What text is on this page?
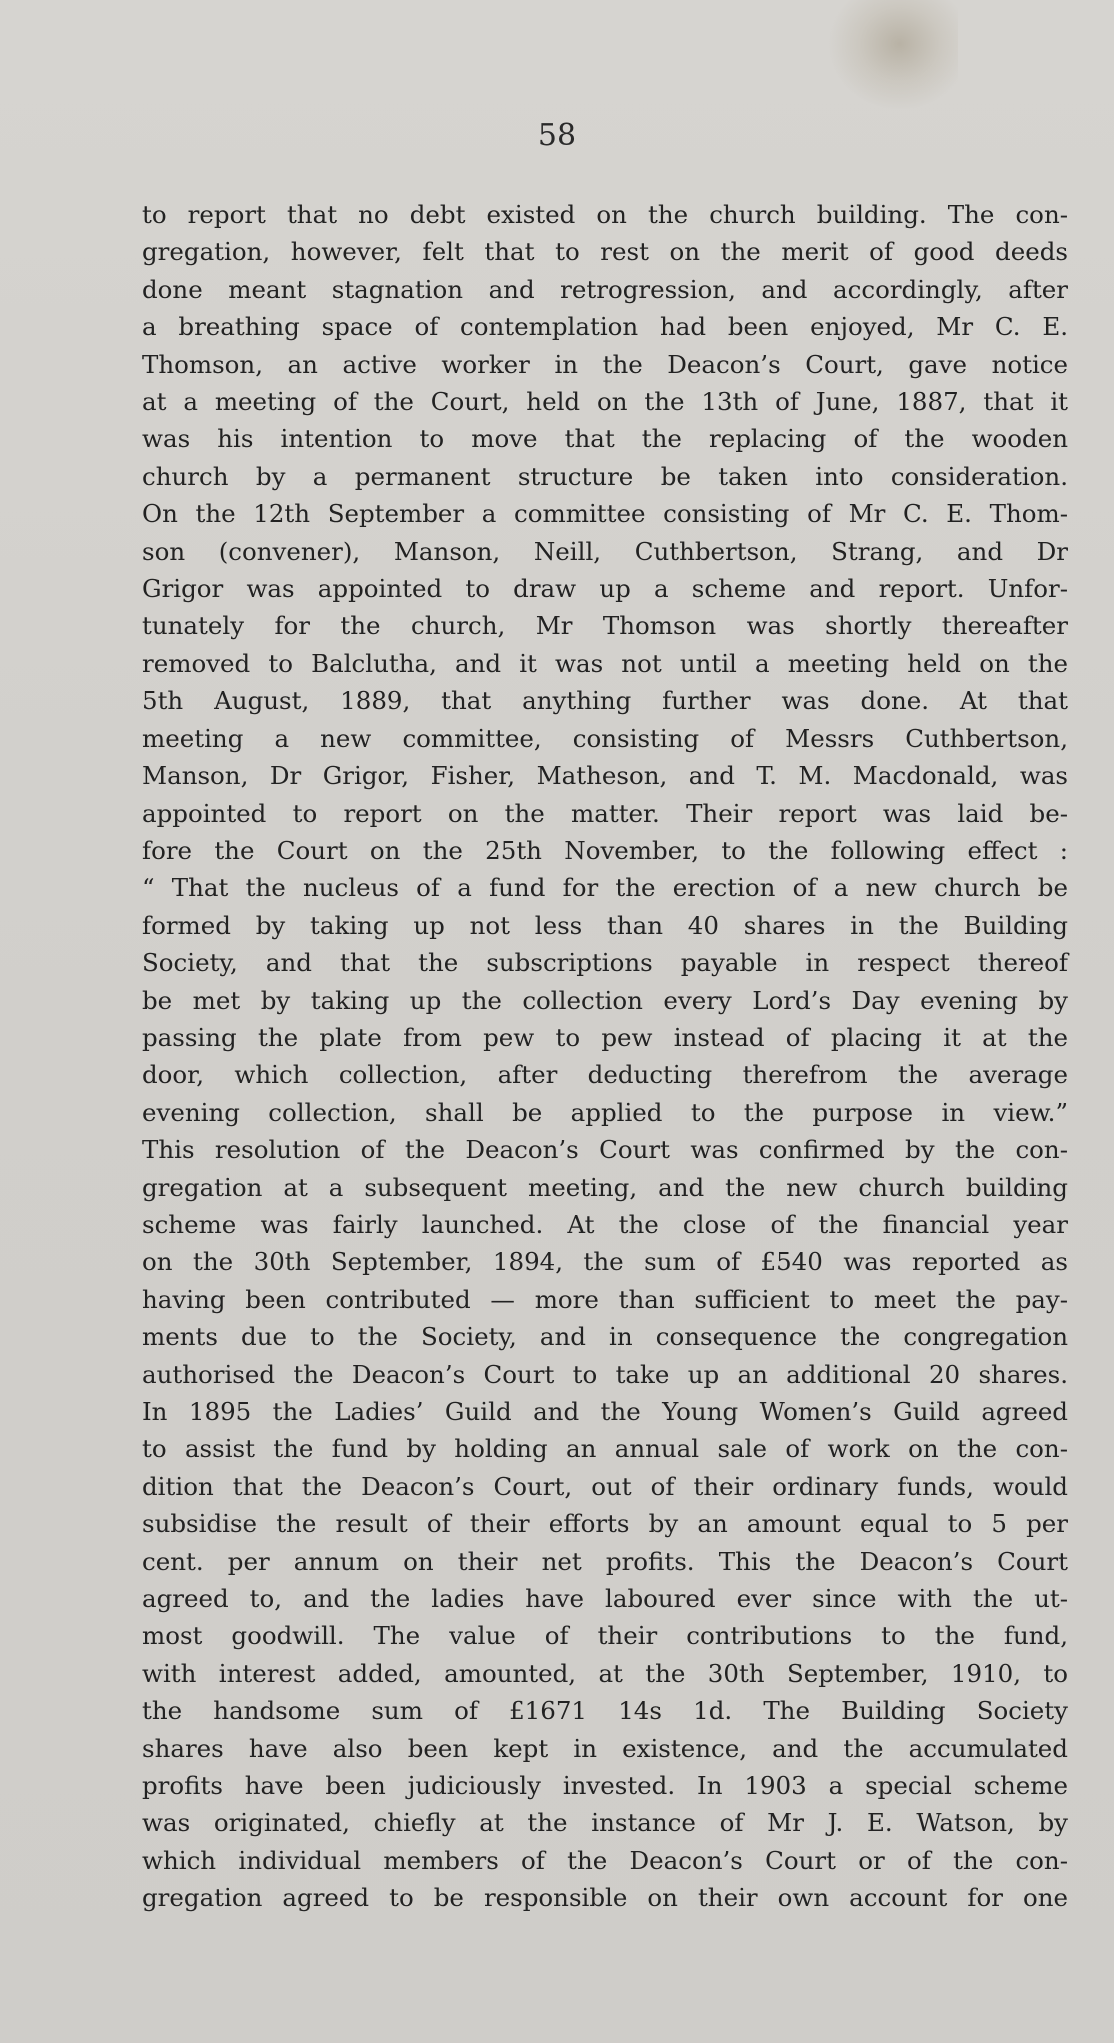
58
to report that no debt existed on the church building. The con-
gregation, however, felt that to rest on the merit of good deeds
done meant stagnation and retrogression, and accordingly, after
a breathing space of contemplation had been enjoyed, Mr C. E.
Thomson, an active worker in the Deacon’s Court, gave notice
at a meeting of the Court, held on the 13th of June, 1887, that it
was his intention to move that the replacing of the wooden
church by a permanent structure be taken into consideration.
On the 12th September a committee consisting of Mr C. E. Thom-
son (convener), Manson, Neill, Cuthbertson, Strang, and Dr
Grigor was appointed to draw up a scheme and report. Unfor-
tunately for the church, Mr Thomson was shortly thereafter
removed to Balclutha, and it was not until a meeting held on the
5th August, 1889, that anything further was done. At that
meeting a new committee, consisting of Messrs Cuthbertson,
Manson, Dr Grigor, Fisher, Matheson, and T. M. Macdonald, was
appointed to report on the matter. Their report was laid be-
fore the Court on the 25th November, to the following effect :
“ That the nucleus of a fund for the erection of a new church be
formed by taking up not less than 40 shares in the Building
Society, and that the subscriptions payable in respect thereof
be met by taking up the collection every Lord’s Day evening by
passing the plate from pew to pew instead of placing it at the
door, which collection, after deducting therefrom the average
evening collection, shall be applied to the purpose in view.”
This resolution of the Deacon’s Court was confirmed by the con-
gregation at a subsequent meeting, and the new church building
scheme was fairly launched. At the close of the financial year
on the 30th September, 1894, the sum of £540 was reported as
having been contributed — more than sufficient to meet the pay-
ments due to the Society, and in consequence the congregation
authorised the Deacon’s Court to take up an additional 20 shares.
In 1895 the Ladies’ Guild and the Young Women’s Guild agreed
to assist the fund by holding an annual sale of work on the con-
dition that the Deacon’s Court, out of their ordinary funds, would
subsidise the result of their efforts by an amount equal to 5 per
cent. per annum on their net profits. This the Deacon’s Court
agreed to, and the ladies have laboured ever since with the ut-
most goodwill. The value of their contributions to the fund,
with interest added, amounted, at the 30th September, 1910, to
the handsome sum of £1671 14s 1d. The Building Society
shares have also been kept in existence, and the accumulated
profits have been judiciously invested. In 1903 a special scheme
was originated, chiefly at the instance of Mr J. E. Watson, by
which individual members of the Deacon’s Court or of the con-
gregation agreed to be responsible on their own account for one
